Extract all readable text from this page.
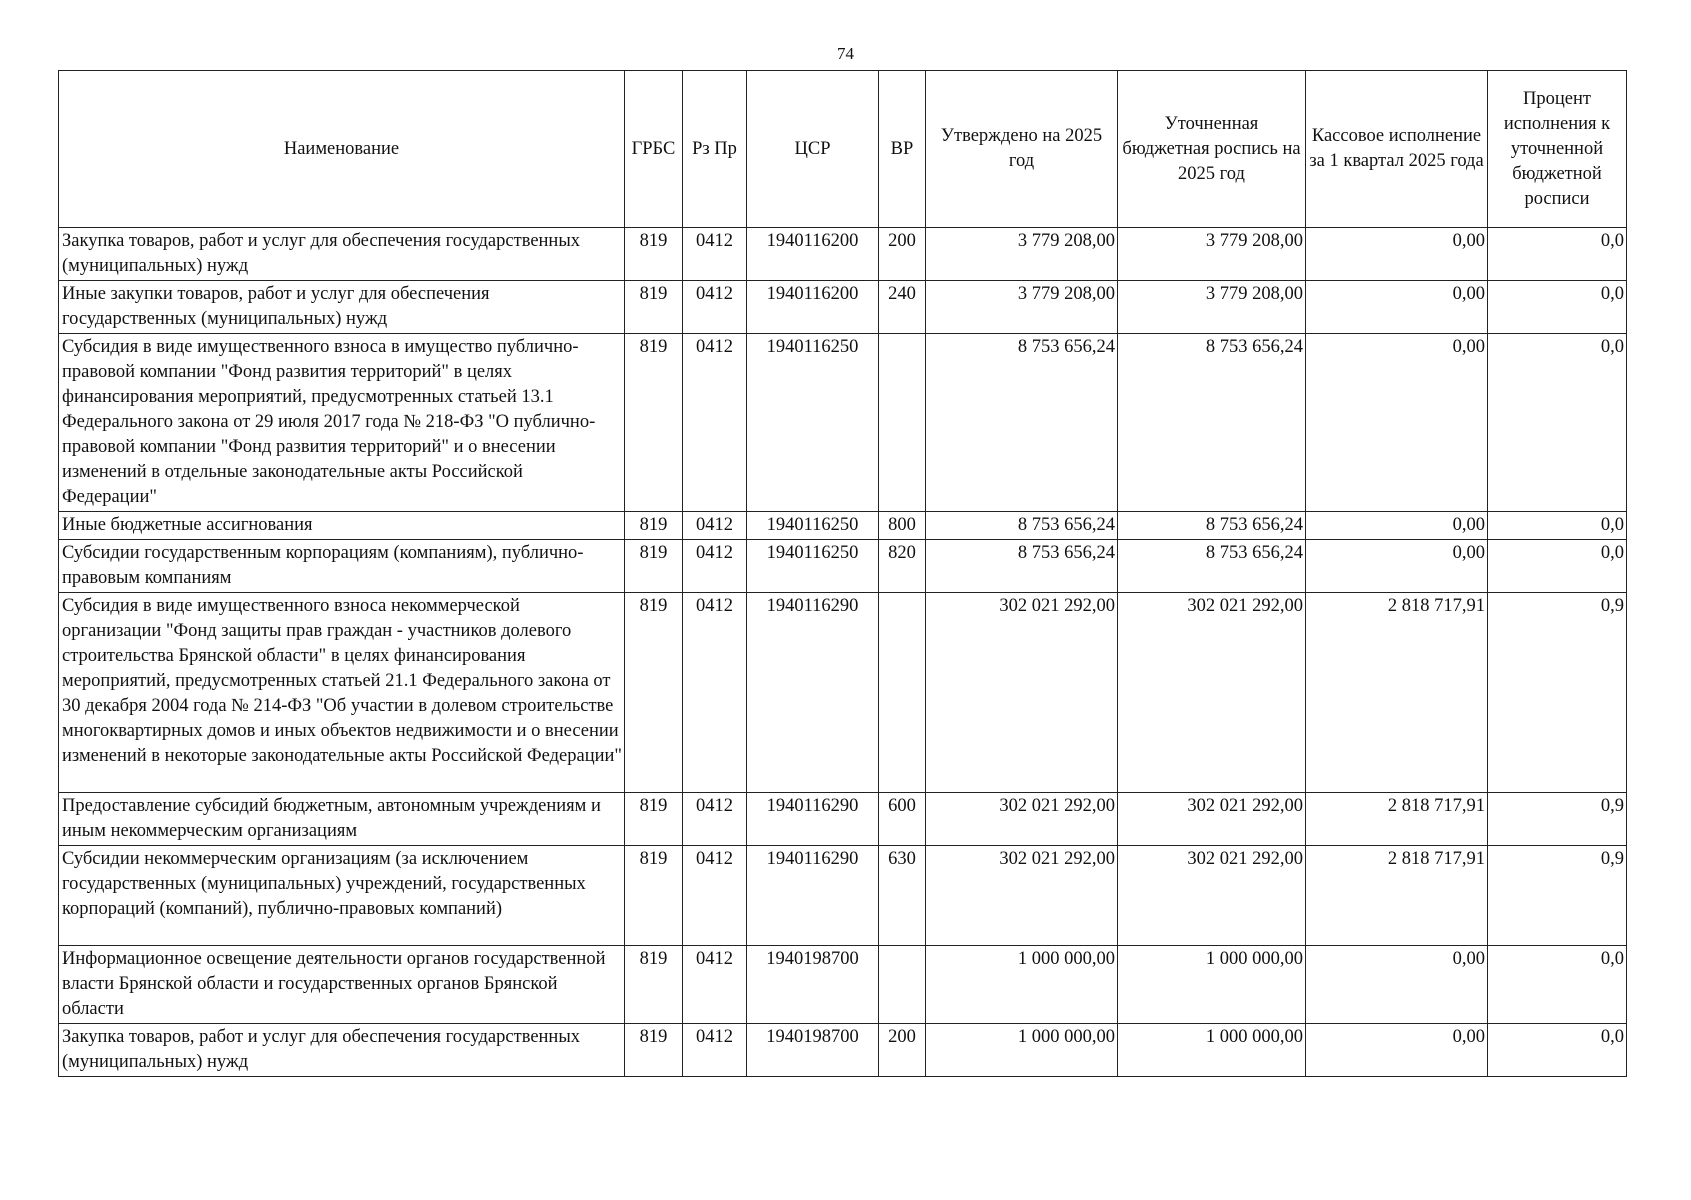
74
Наименование	ГРБС	Рз Пр	ЦСР	ВР	Утверждено на 2025 год	Уточненная бюджетная роспись на 2025 год	Кассовое исполнение за 1 квартал 2025 года	Процент исполнения к уточненной бюджетной росписи
Закупка товаров, работ и услуг для обеспечения государственных (муниципальных) нужд	819	0412	1940116200	200	3 779 208,00	3 779 208,00	0,00	0,0
Иные закупки товаров, работ и услуг для обеспечения государственных (муниципальных) нужд	819	0412	1940116200	240	3 779 208,00	3 779 208,00	0,00	0,0
Субсидия в виде имущественного взноса в имущество публично-правовой компании "Фонд развития территорий" в целях финансирования мероприятий, предусмотренных статьей 13.1 Федерального закона от 29 июля 2017 года № 218-ФЗ "О публично-правовой компании "Фонд развития территорий" и о внесении изменений в отдельные законодательные акты Российской Федерации"	819	0412	1940116250		8 753 656,24	8 753 656,24	0,00	0,0
Иные бюджетные ассигнования	819	0412	1940116250	800	8 753 656,24	8 753 656,24	0,00	0,0
Субсидии государственным корпорациям (компаниям), публично-правовым компаниям	819	0412	1940116250	820	8 753 656,24	8 753 656,24	0,00	0,0
Субсидия в виде имущественного взноса некоммерческой организации "Фонд защиты прав граждан - участников долевого строительства Брянской области" в целях финансирования мероприятий, предусмотренных статьей 21.1 Федерального закона от 30 декабря 2004 года № 214-ФЗ "Об участии в долевом строительстве многоквартирных домов и иных объектов недвижимости и о внесении изменений в некоторые законодательные акты Российской Федерации"	819	0412	1940116290		302 021 292,00	302 021 292,00	2 818 717,91	0,9
Предоставление субсидий бюджетным, автономным учреждениям и иным некоммерческим организациям	819	0412	1940116290	600	302 021 292,00	302 021 292,00	2 818 717,91	0,9
Субсидии некоммерческим организациям (за исключением государственных (муниципальных) учреждений, государственных корпораций (компаний), публично-правовых компаний)	819	0412	1940116290	630	302 021 292,00	302 021 292,00	2 818 717,91	0,9
Информационное освещение деятельности органов государственной власти Брянской области и государственных органов Брянской области	819	0412	1940198700		1 000 000,00	1 000 000,00	0,00	0,0
Закупка товаров, работ и услуг для обеспечения государственных (муниципальных) нужд	819	0412	1940198700	200	1 000 000,00	1 000 000,00	0,00	0,0
